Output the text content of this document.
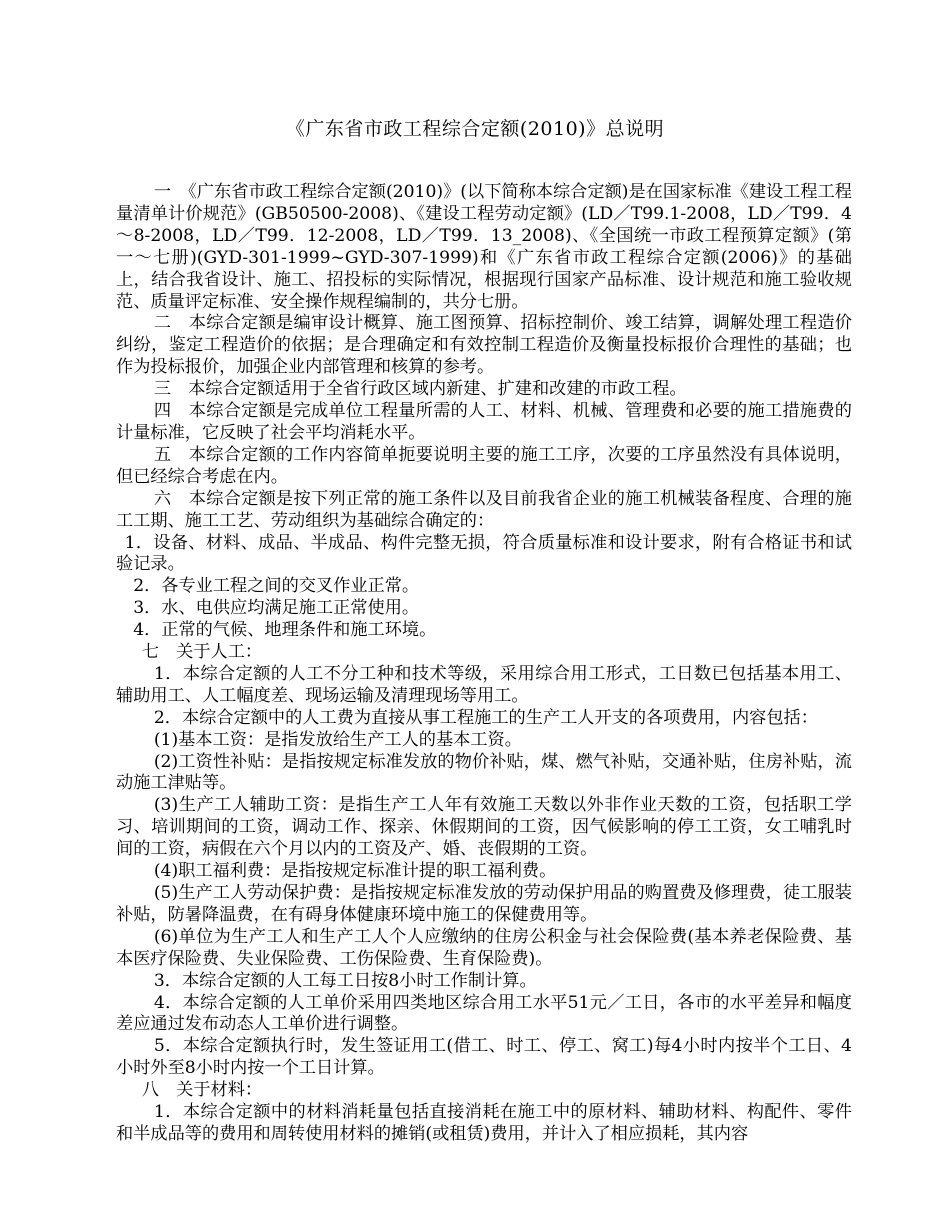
《广东省市政工程综合定额(2010)》总说明

一　《广东省市政工程综合定额(2010)》(以下简称本综合定额)是在国家标准《建设工程工程量清单计价规范》(GB50500-2008)、《建设工程劳动定额》(LD／T99.1-2008，LD／T99．4～8-2008，LD／T99．12-2008，LD／T99．13_2008)、《全国统一市政工程预算定额》(第一～七册)(GYD-301-1999~GYD-307-1999)和《广东省市政工程综合定额(2006)》的基础上，结合我省设计、施工、招投标的实际情况，根据现行国家产品标准、设计规范和施工验收规范、质量评定标准、安全操作规程编制的，共分七册。

二　本综合定额是编审设计概算、施工图预算、招标控制价、竣工结算，调解处理工程造价纠纷，鉴定工程造价的依据；是合理确定和有效控制工程造价及衡量投标报价合理性的基础；也作为投标报价，加强企业内部管理和核算的参考。

三　本综合定额适用于全省行政区域内新建、扩建和改建的市政工程。

四　本综合定额是完成单位工程量所需的人工、材料、机械、管理费和必要的施工措施费的计量标准，它反映了社会平均消耗水平。

五　本综合定额的工作内容简单扼要说明主要的施工工序，次要的工序虽然没有具体说明，但已经综合考虑在内。

六　本综合定额是按下列正常的施工条件以及目前我省企业的施工机械装备程度、合理的施工工期、施工工艺、劳动组织为基础综合确定的：

1．设备、材料、成品、半成品、构件完整无损，符合质量标准和设计要求，附有合格证书和试验记录。

2．各专业工程之间的交叉作业正常。

3．水、电供应均满足施工正常使用。

4．正常的气候、地理条件和施工环境。

七　关于人工：

1．本综合定额的人工不分工种和技术等级，采用综合用工形式，工日数已包括基本用工、辅助用工、人工幅度差、现场运输及清理现场等用工。

2．本综合定额中的人工费为直接从事工程施工的生产工人开支的各项费用，内容包括：

(1)基本工资：是指发放给生产工人的基本工资。

(2)工资性补贴：是指按规定标准发放的物价补贴，煤、燃气补贴，交通补贴，住房补贴，流动施工津贴等。

(3)生产工人辅助工资：是指生产工人年有效施工天数以外非作业天数的工资，包括职工学习、培训期间的工资，调动工作、探亲、休假期间的工资，因气候影响的停工工资，女工哺乳时间的工资，病假在六个月以内的工资及产、婚、丧假期的工资。

(4)职工福利费：是指按规定标准计提的职工福利费。

(5)生产工人劳动保护费：是指按规定标准发放的劳动保护用品的购置费及修理费，徒工服装补贴，防暑降温费，在有碍身体健康环境中施工的保健费用等。

(6)单位为生产工人和生产工人个人应缴纳的住房公积金与社会保险费(基本养老保险费、基本医疗保险费、失业保险费、工伤保险费、生育保险费)。

3．本综合定额的人工每工日按8小时工作制计算。

4．本综合定额的人工单价采用四类地区综合用工水平51元／工日，各市的水平差异和幅度差应通过发布动态人工单价进行调整。

5．本综合定额执行时，发生签证用工(借工、时工、停工、窝工)每4小时内按半个工日、4小时外至8小时内按一个工日计算。

八　关于材料：

1．本综合定额中的材料消耗量包括直接消耗在施工中的原材料、辅助材料、构配件、零件和半成品等的费用和周转使用材料的摊销(或租赁)费用，并计入了相应损耗，其内容
